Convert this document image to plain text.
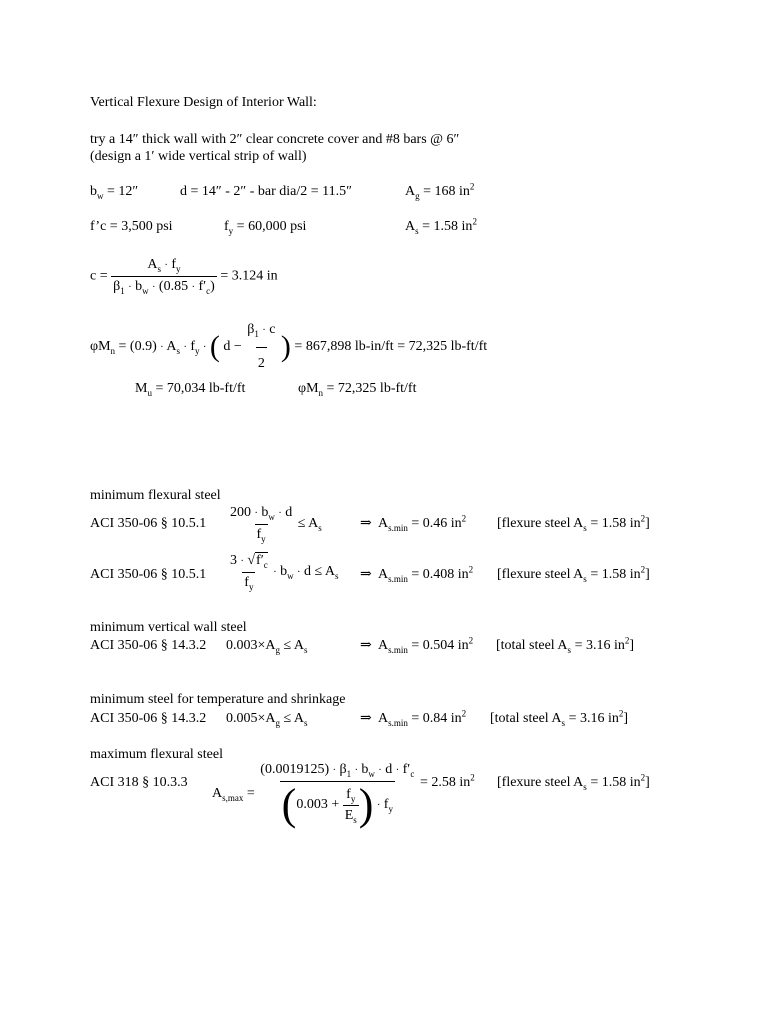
Vertical Flexure Design of Interior Wall:
try a 14″ thick wall with 2″ clear concrete cover and #8 bars @ 6″
(design a 1′ wide vertical strip of wall)
$b_w = 12''$	d = 14″ - 2″ - bar dia/2 = 11.5″	$A_g = 168$ $in^2$
f’c = 3,500 psi	$f_y = 60,000$ psi	$A_s = 1.58$ $in^2$
$c = \frac{A_s \cdot f_y}{\beta_1 \cdot b_w \cdot (0.85 \cdot f'_c)} = 3.124$ in
$\varphi M_n = (0.9) \cdot A_s \cdot f_y$ · ( $d - \frac{\beta_1 \cdot c}{2}$ ) = 867,898 lb-in/ft = 72,325 lb-ft/ft
$M_u = 70,034$ lb-ft/ft	$\varphi M_n = 72,325$ lb-ft/ft
minimum flexural steel
ACI 350-06 § $10.5.1 \frac{200 \cdot b_w \cdot d}{f_y} \le A_s$	⇒  $A_{s.min} = 0.46$ $in^2$ [flexure steel $A_s = 1.58$ $in^2$]
ACI 350-06 § $10.5.1 \frac{3 \cdot √f'_c}{f_y} \cdot b_w \cdot d \le A_s$ ⇒  $A_{s.min} = 0.408$ $in^2$ [flexure steel $A_s = 1.58$ $in^2$]
minimum vertical wall steel
ACI 350-06 § 14.3.2 $0.003\times A_g \le A_s$	⇒  $A_{s.min} = 0.504$ $in^2$ [total steel $A_s = 3.16$ $in^2$]
minimum steel for temperature and shrinkage
ACI 350-06 § 14.3.2 $0.005\times A_g \le A_s$	⇒  $A_{s.min} = 0.84$ $in^2$ [total steel $A_s = 3.16$ $in^2$]
maximum flexural steel
ACI 318 § 10.3.3
$A_{s,max} = \frac{(0.0019125) \cdot \beta_1 \cdot b_w \cdot d \cdot f'_c}{(0.003 + \frac{f_y}{E_s} ) \cdot f_y} = 2.58$ $in^2$ [flexure steel $A_s = 1.58$ $in^2$]
